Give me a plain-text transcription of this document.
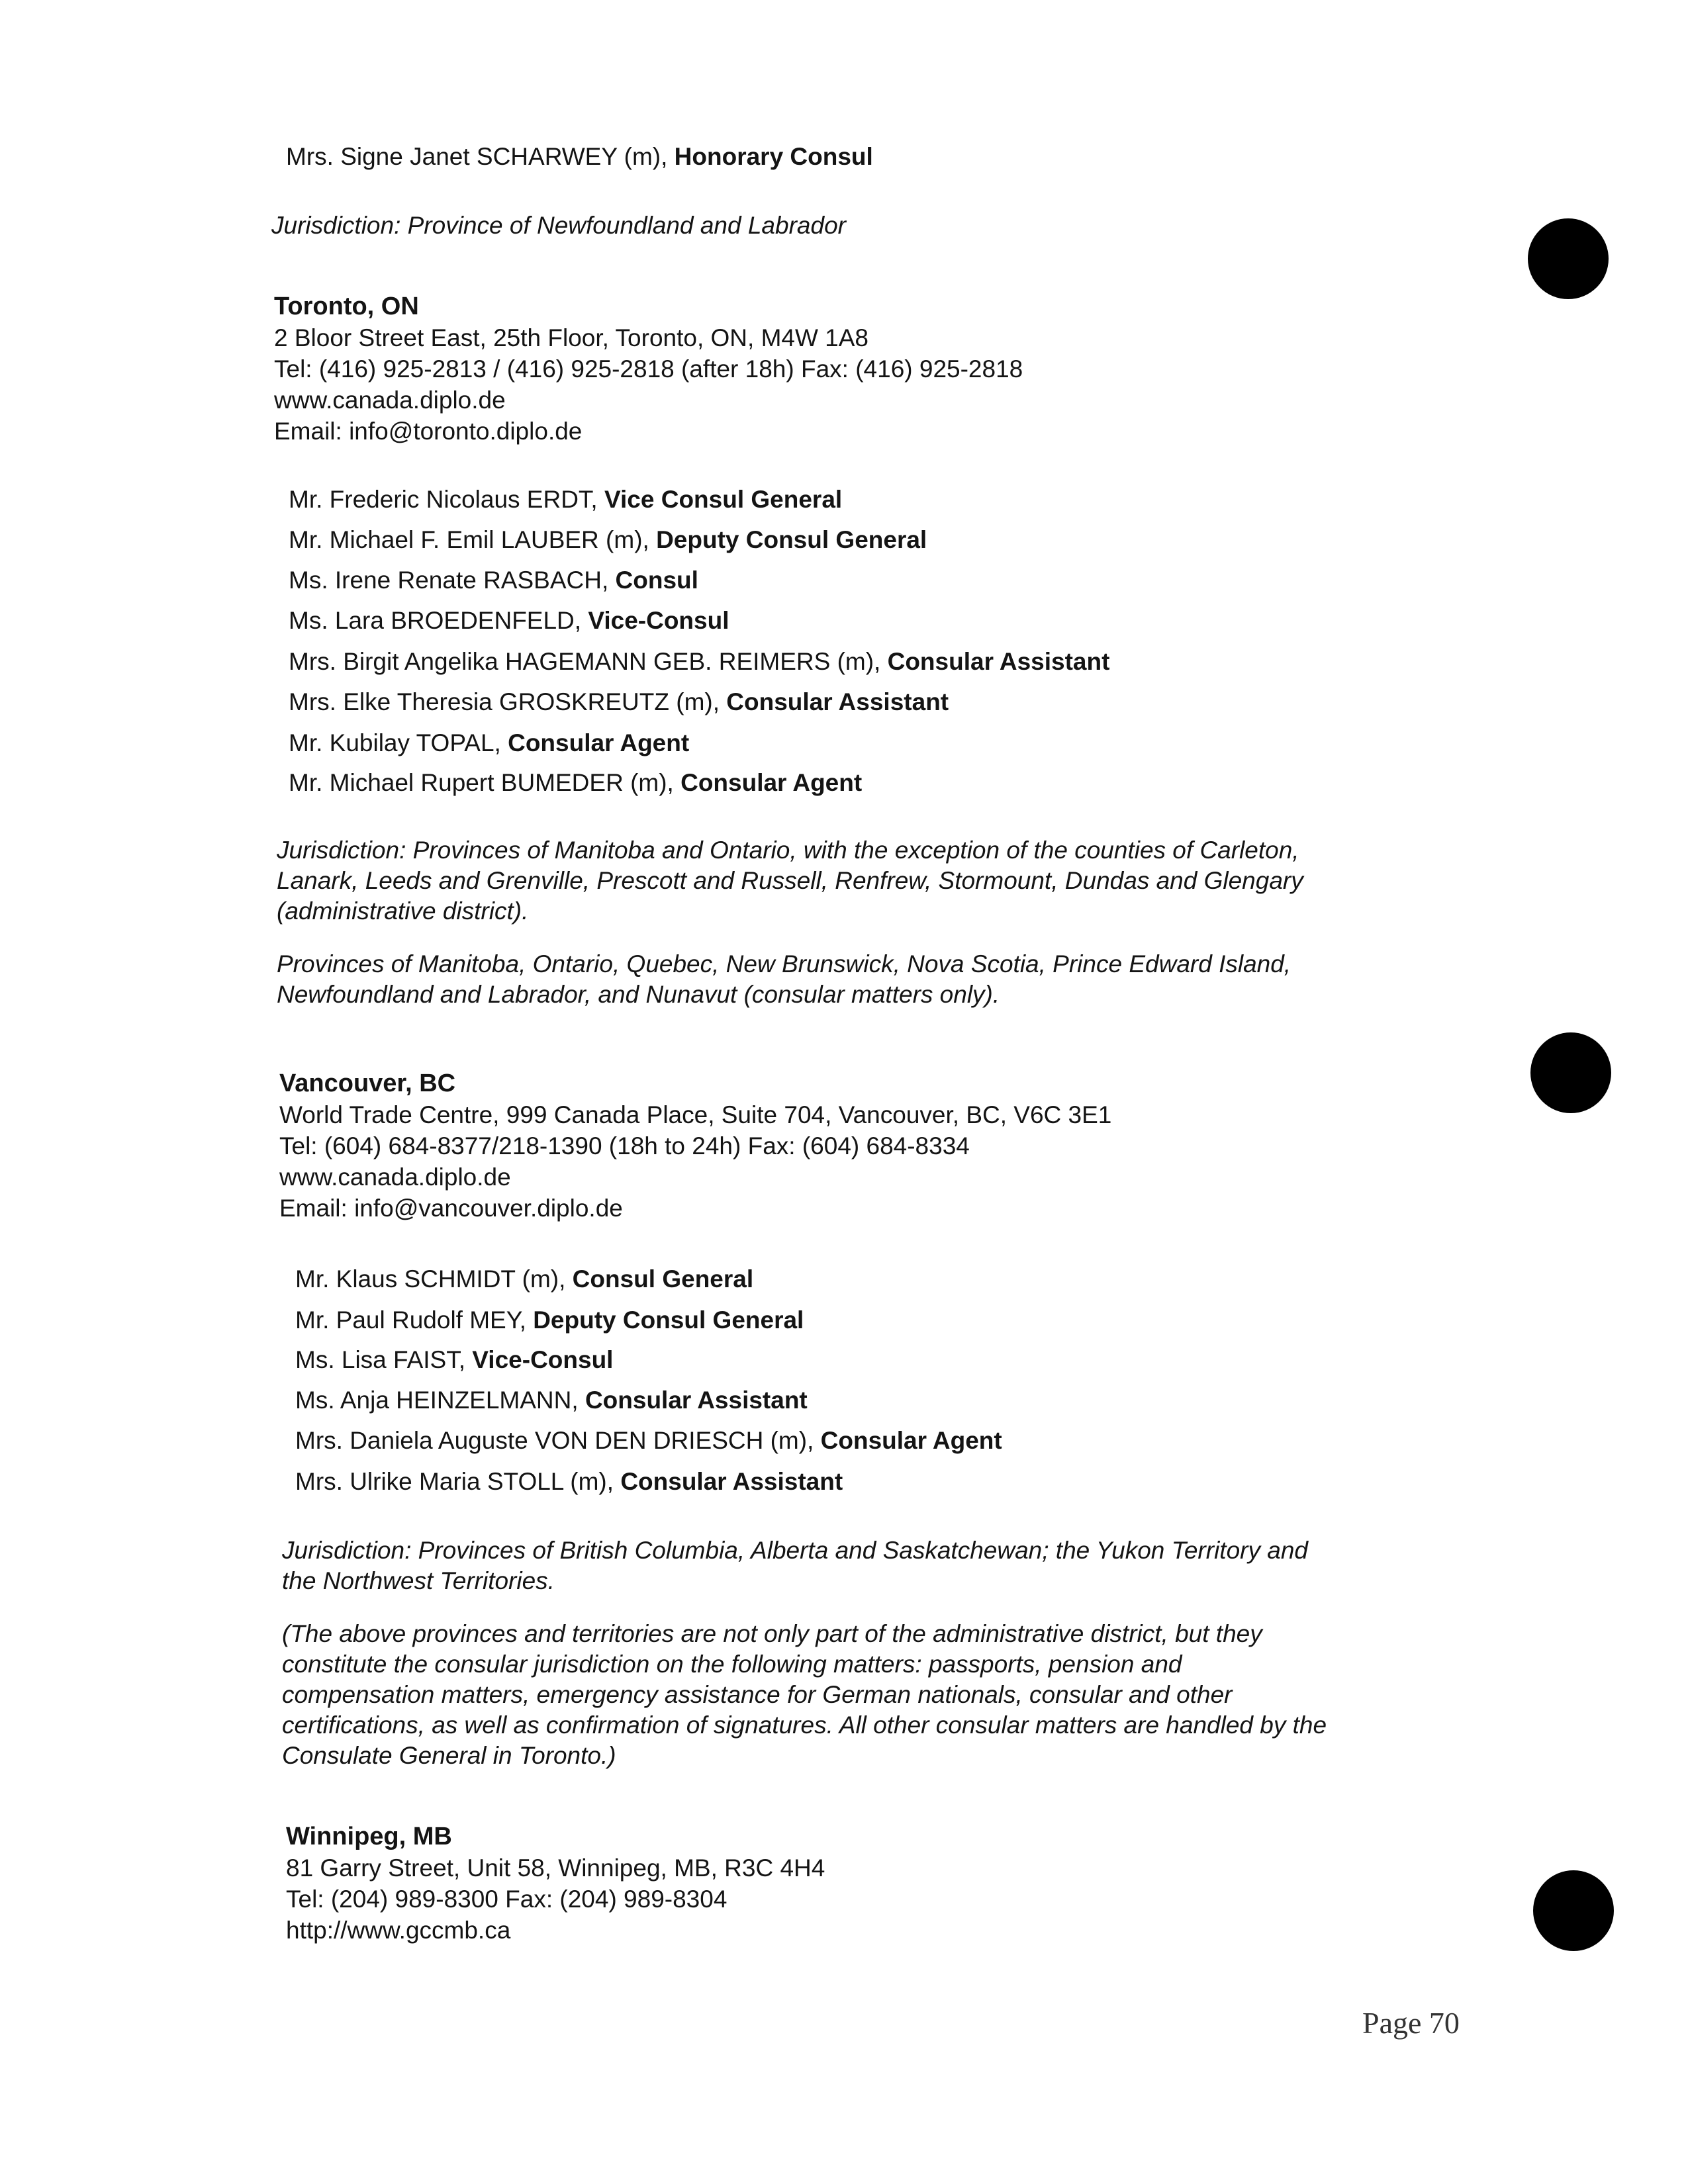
Mrs. Signe Janet SCHARWEY (m), Honorary Consul
Jurisdiction: Province of Newfoundland and Labrador
Toronto, ON
2 Bloor Street East, 25th Floor, Toronto, ON, M4W 1A8
Tel: (416) 925-2813 / (416) 925-2818 (after 18h) Fax: (416) 925-2818
www.canada.diplo.de
Email: info@toronto.diplo.de
Mr. Frederic Nicolaus ERDT, Vice Consul General
Mr. Michael F. Emil LAUBER (m), Deputy Consul General
Ms. Irene Renate RASBACH, Consul
Ms. Lara BROEDENFELD, Vice-Consul
Mrs. Birgit Angelika HAGEMANN GEB. REIMERS (m), Consular Assistant
Mrs. Elke Theresia GROSKREUTZ (m), Consular Assistant
Mr. Kubilay TOPAL, Consular Agent
Mr. Michael Rupert BUMEDER (m), Consular Agent
Jurisdiction: Provinces of Manitoba and Ontario, with the exception of the counties of Carleton,
Lanark, Leeds and Grenville, Prescott and Russell, Renfrew, Stormount, Dundas and Glengary
(administrative district).
Provinces of Manitoba, Ontario, Quebec, New Brunswick, Nova Scotia, Prince Edward Island,
Newfoundland and Labrador, and Nunavut (consular matters only).
Vancouver, BC
World Trade Centre, 999 Canada Place, Suite 704, Vancouver, BC, V6C 3E1
Tel: (604) 684-8377/218-1390 (18h to 24h) Fax: (604) 684-8334
www.canada.diplo.de
Email: info@vancouver.diplo.de
Mr. Klaus SCHMIDT (m), Consul General
Mr. Paul Rudolf MEY, Deputy Consul General
Ms. Lisa FAIST, Vice-Consul
Ms. Anja HEINZELMANN, Consular Assistant
Mrs. Daniela Auguste VON DEN DRIESCH (m), Consular Agent
Mrs. Ulrike Maria STOLL (m), Consular Assistant
Jurisdiction: Provinces of British Columbia, Alberta and Saskatchewan; the Yukon Territory and
the Northwest Territories.
(The above provinces and territories are not only part of the administrative district, but they
constitute the consular jurisdiction on the following matters: passports, pension and
compensation matters, emergency assistance for German nationals, consular and other
certifications, as well as confirmation of signatures. All other consular matters are handled by the
Consulate General in Toronto.)
Winnipeg, MB
81 Garry Street, Unit 58, Winnipeg, MB, R3C 4H4
Tel: (204) 989-8300 Fax: (204) 989-8304
http://www.gccmb.ca
Page 70
